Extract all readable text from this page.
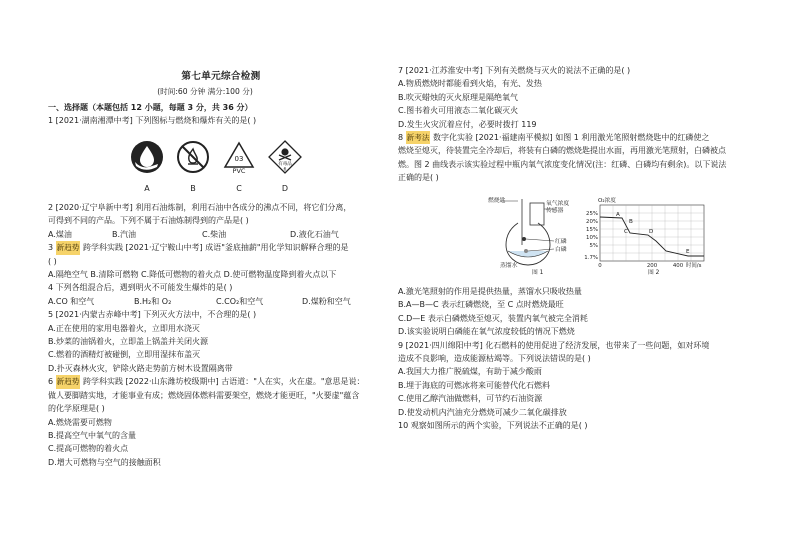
第七单元综合检测
(时间:60 分钟 满分:100 分)
一、选择题（本题包括 12 小题，每题 3 分，共 36 分）
1 [2021·湖南湘潭中考] 下列图标与燃烧和爆炸有关的是( )
03
PVC
有毒品
6
A	B	C	D
2 [2020·辽宁阜新中考] 利用石油炼制，利用石油中各成分的沸点不同，将它们分离，
可得到不同的产品。下列不属于石油炼制得到的产品是( )
A.煤油	B.汽油	C.柴油	D.液化石油气
3 新趋势 跨学科实践 [2021·辽宁鞍山中考] 成语"釜底抽薪"用化学知识解释合理的是
( )
A.隔绝空气 B.清除可燃物 C.降低可燃物的着火点 D.使可燃物温度降到着火点以下
4 下列各组混合后，遇到明火不可能发生爆炸的是( )
A.CO 和空气	B.H₂和 O₂	C.CO₂和空气	D.煤粉和空气
5 [2021·内蒙古赤峰中考] 下列灭火方法中，不合理的是( )
A.正在使用的家用电器着火，立即用水浇灭
B.炒菜的油锅着火，立即盖上锅盖并关闭火源
C.燃着的酒精灯被碰倒，立即用湿抹布盖灭
D.扑灭森林火灾，铲除火路走势前方树木设置隔离带
6 新趋势 跨学科实践 [2022·山东潍坊校级期中] 古语道："人在实，火在虚。"意思是说：
做人要脚踏实地，才能事业有成；燃烧固体燃料需要架空，燃烧才能更旺，"火要虚"蕴含
的化学原理是( )
A.燃烧需要可燃物
B.提高空气中氧气的含量
C.提高可燃物的着火点
D.增大可燃物与空气的接触面积
7 [2021·江苏淮安中考] 下列有关燃烧与灭火的说法不正确的是( )
A.物质燃烧时都能看到火焰，有光、发热
B.吹灭蜡烛的灭火原理是隔绝氧气
C.图书着火可用液态二氧化碳灭火
D.发生火灾沉着应付，必要时拨打 119
8 新考法 数字化实验 [2021·福建南平模拟] 如图 1 利用激光笔照射燃烧匙中的红磷使之
燃烧至熄灭，待装置完全冷却后，将装有白磷的燃烧匙提出水面，再用激光笔照射，白磷被点
燃。图 2 曲线表示该实验过程中瓶内氧气浓度变化情况(注：红磷、白磷均有剩余)。以下说法
正确的是( )
燃烧匙	氧气浓度
传感器
红磷
白磷
蒸馏水
图 1
O₂浓度
25%
20%
15%
10%
5%
1.7%
0	200	400 时间/s
A
B
C	D
E
图 2
A.激光笔照射的作用是提供热量，蒸馏水只吸收热量
B.A—B—C 表示红磷燃烧，至 C 点时燃烧最旺
C.D—E 表示白磷燃烧至熄灭，装置内氧气被完全消耗
D.该实验说明白磷能在氧气浓度较低的情况下燃烧
9 [2021·四川绵阳中考] 化石燃料的使用促进了经济发展，也带来了一些问题，如对环境
造成不良影响，造成能源枯竭等。下列说法错误的是( )
A.我国大力推广脱硫煤，有助于减少酸雨
B.埋于海底的可燃冰将来可能替代化石燃料
C.使用乙醇汽油做燃料，可节约石油资源
D.使发动机内汽油充分燃烧可减少二氧化碳排放
10 观察如图所示的两个实验，下列说法不正确的是( )
